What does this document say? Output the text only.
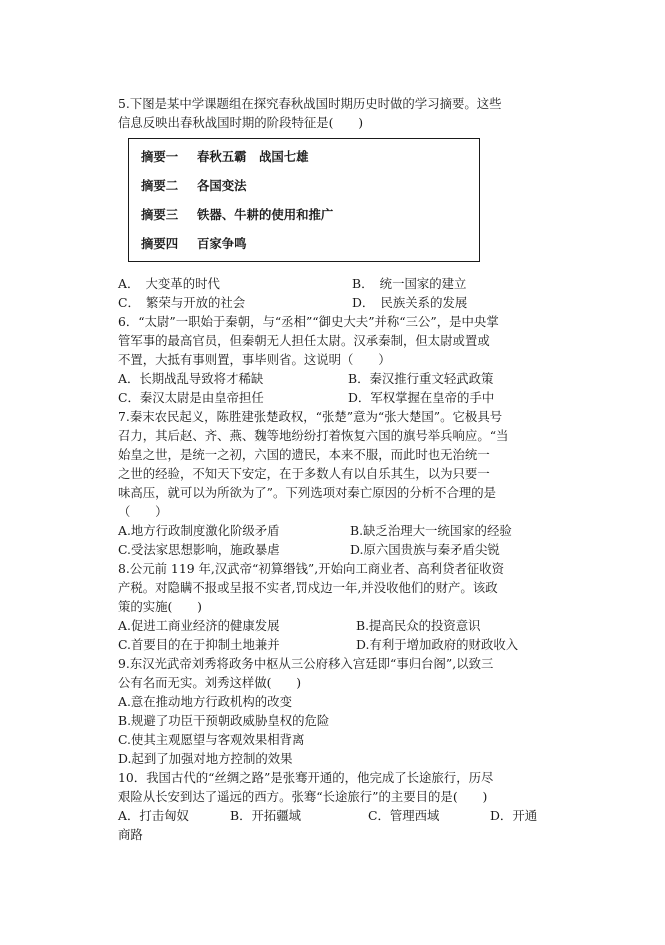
5.下图是某中学课题组在探究春秋战国时期历史时做的学习摘要。这些
信息反映出春秋战国时期的阶段特征是(　　)
摘要一 春秋五霸　战国七雄
摘要二 各国变法
摘要三 铁器、牛耕的使用和推广
摘要四 百家争鸣
A．　大变革的时代	B．　统一国家的建立
C．　繁荣与开放的社会	D．　民族关系的发展
6．“太尉”一职始于秦朝，与“丞相”“御史大夫”并称“三公”，是中央掌
管军事的最高官员，但秦朝无人担任太尉。汉承秦制，但太尉或置或
不置，大抵有事则置，事毕则省。这说明（　　）
A．长期战乱导致将才稀缺	B．秦汉推行重文轻武政策
C．秦汉太尉是由皇帝担任	D．军权掌握在皇帝的手中
7.秦末农民起义，陈胜建张楚政权，“张楚”意为“张大楚国”。它极具号
召力，其后赵、齐、燕、魏等地纷纷打着恢复六国的旗号举兵响应。“当
始皇之世，是统一之初，六国的遗民，本来不服，而此时也无治统一
之世的经验，不知天下安定，在于多数人有以自乐其生，以为只要一
味高压，就可以为所欲为了”。下列选项对秦亡原因的分析不合理的是
（　　）
A.地方行政制度激化阶级矛盾	B.缺乏治理大一统国家的经验
C.受法家思想影响，施政暴虐	D.原六国贵族与秦矛盾尖锐
8.公元前 119 年,汉武帝“初算缗钱”,开始向工商业者、高利贷者征收资
产税。对隐瞒不报或呈报不实者,罚戍边一年,并没收他们的财产。该政
策的实施(　　)
A.促进工商业经济的健康发展	B.提高民众的投资意识
C.首要目的在于抑制土地兼并	D.有利于增加政府的财政收入
9.东汉光武帝刘秀将政务中枢从三公府移入宫廷即“事归台阁”,以致三
公有名而无实。刘秀这样做(　　)
A.意在推动地方行政机构的改变
B.规避了功臣干预朝政威胁皇权的危险
C.使其主观愿望与客观效果相背离
D.起到了加强对地方控制的效果
10．我国古代的“丝绸之路”是张骞开通的，他完成了长途旅行，历尽
艰险从长安到达了遥远的西方。张骞“长途旅行”的主要目的是(　　)
A．打击匈奴	B．开拓疆域	C．管理西域	D．开通
商路
